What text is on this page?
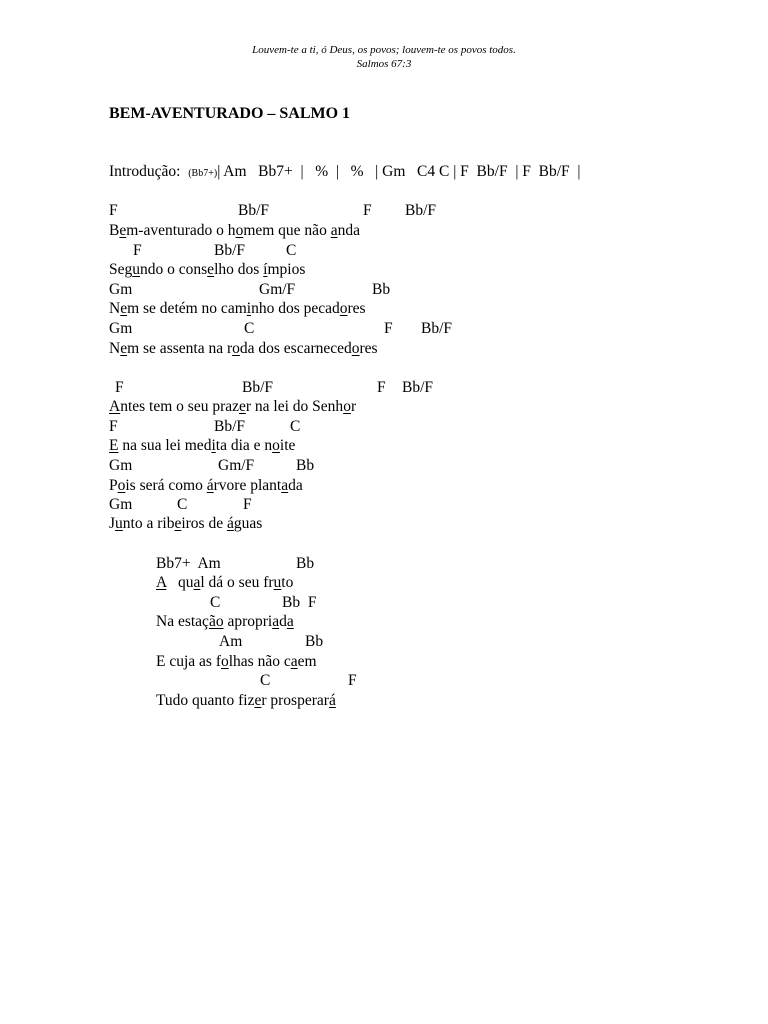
Louvem-te a ti, ó Deus, os povos; louvem-te os povos todos.
Salmos 67:3
BEM-AVENTURADO – SALMO 1
Introdução: (Bb7+)| Am   Bb7+  |   %  |   %   | Gm   C4 C | F  Bb/F  | F  Bb/F  |
F	Bb/F	F Bb/F
Bem-aventurado o homem que não anda
F	Bb/F	C
Segundo o conselho dos ímpios
Gm	Gm/F	Bb
Nem se detém no caminho dos pecadores
Gm	C	F Bb/F
Nem se assenta na roda dos escarnecedores
F	Bb/F	F Bb/F
Antes tem o seu prazer na lei do Senhor
F	Bb/F	C
E na sua lei medita dia e noite
Gm	Gm/F	Bb
Pois será como árvore plantada
Gm	C	F
Junto a ribeiros de águas
Bb7+  Am	Bb
A   qual dá o seu fruto
C	Bb  F
Na estação apropriada
Am	Bb
E cuja as folhas não caem
C	F
Tudo quanto fizer prosperará
